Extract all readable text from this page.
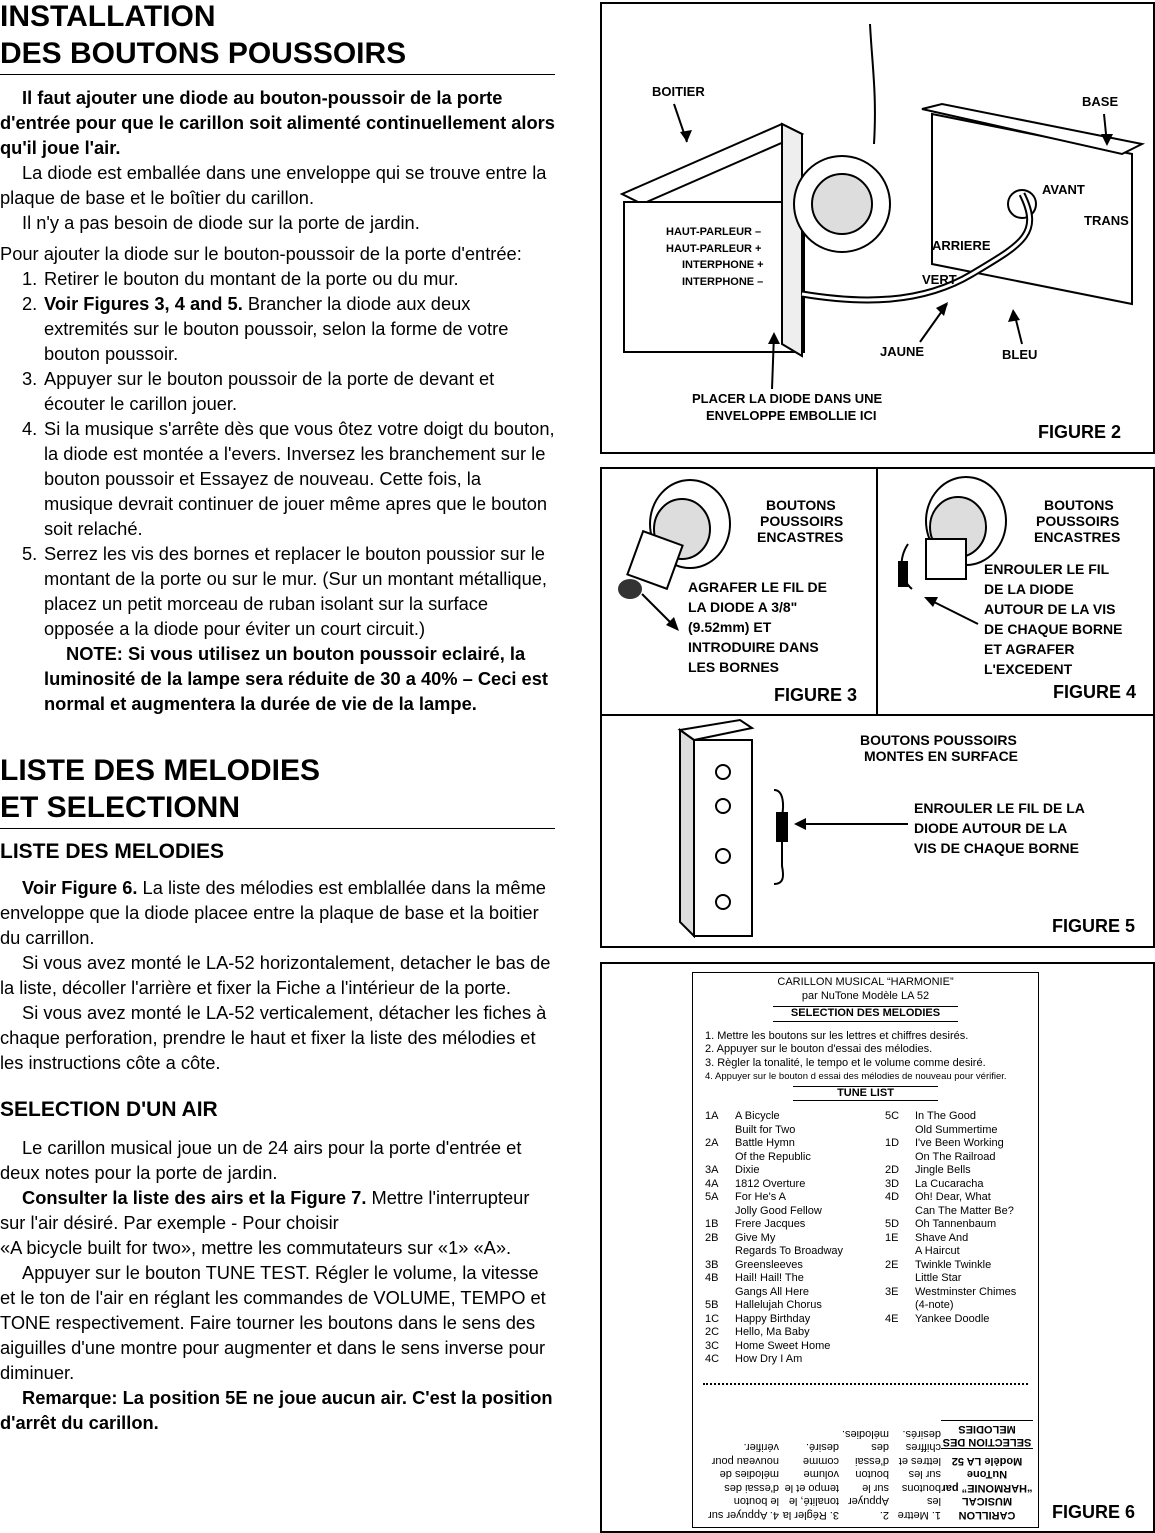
INSTALLATION
DES BOUTONS POUSSOIRS

Il faut ajouter une diode au bouton-poussoir de la porte d'entrée pour que le carillon soit alimenté continuellement alors qu'il joue l'air.

La diode est emballée dans une enveloppe qui se trouve entre la plaque de base et le boîtier du carillon.

Il n'y a pas besoin de diode sur la porte de jardin.

Pour ajouter la diode sur le bouton-poussoir de la porte d'entrée:

1. Retirer le bouton du montant de la porte ou du mur.
2. Voir Figures 3, 4 and 5. Brancher la diode aux deux extremités sur le bouton poussoir, selon la forme de votre bouton poussoir.
3. Appuyer sur le bouton poussoir de la porte de devant et écouter le carillon jouer.
4. Si la musique s'arrête dès que vous ôtez votre doigt du bouton, la diode est montée a l'evers. Inversez les branchement sur le bouton poussoir et Essayez de nouveau. Cette fois, la musique devrait continuer de jouer même apres que le bouton soit relaché.
5. Serrez les vis des bornes et replacer le bouton poussior sur le montant de la porte ou sur le mur. (Sur un montant métallique, placez un petit morceau de ruban isolant sur la surface opposée a la diode pour éviter un court circuit.)

NOTE: Si vous utilisez un bouton poussoir eclairé, la luminosité de la lampe sera réduite de 30 a 40% – Ceci est normal et augmentera la durée de vie de la lampe.

LISTE DES MELODIES
ET SELECTIONN
LISTE DES MELODIES

Voir Figure 6. La liste des mélodies est emblallée dans la même enveloppe que la diode placee entre la plaque de base et la boitier du carrillon.

Si vous avez monté le LA-52 horizontalement, detacher le bas de la liste, décoller l'arrière et fixer la Fiche a l'intérieur de la porte.

Si vous avez monté le LA-52 verticalement, détacher les fiches à chaque perforation, prendre le haut et fixer la liste des mélodies et les instructions côte a côte.

SELECTION D'UN AIR

Le carillon musical joue un de 24 airs pour la porte d'entrée et deux notes pour la porte de jardin.

Consulter la liste des airs et la Figure 7. Mettre l'interrupteur sur l'air désiré. Par exemple - Pour choisir

«A bicycle built for two», mettre les commutateurs sur «1» «A».

Appuyer sur le bouton TUNE TEST. Régler le volume, la vitesse et le ton de l'air en réglant les commandes de VOLUME, TEMPO et TONE respectivement. Faire tourner les boutons dans le sens des aiguilles d'une montre pour augmenter et dans le sens inverse pour diminuer.

Remarque: La position 5E ne joue aucun air. C'est la position d'arrêt du carillon.

BOITIER
BASE
AVANT
TRANS
ARRIERE
VERT
JAUNE	BLEU
HAUT-PARLEUR –
HAUT-PARLEUR +
INTERPHONE +
INTERPHONE –
PLACER LA DIODE DANS UNE
ENVELOPPE EMBOLLIE ICI
FIGURE 2
BOUTONS
POUSSOIRS
ENCASTRES
AGRAFER LE FIL DE
LA DIODE A 3/8"
(9.52mm) ET
INTRODUIRE DANS
LES BORNES
FIGURE 3
BOUTONS
POUSSOIRS
ENCASTRES
ENROULER LE FIL
DE LA DIODE
AUTOUR DE LA VIS
DE CHAQUE BORNE
ET AGRAFER
L'EXCEDENT
FIGURE 4
BOUTONS POUSSOIRS
MONTES EN SURFACE
ENROULER LE FIL DE LA
DIODE AUTOUR DE LA
VIS DE CHAQUE BORNE
FIGURE 5
CARILLON MUSICAL “HARMONIE”
par NuTone Modèle LA 52
SELECTION DES MELODIES
1. Mettre les boutons sur les lettres et chiffres desirés.
2. Appuyer sur le bouton d'essai des mélodies.
3. Règler la tonalité, le tempo et le volume comme desiré.
4. Appuyer sur le bouton d essai des mélodies de nouveau pour vérifier.
TUNE LIST
1A A Bicycle
Built for Two
2A Battle Hymn
Of the Republic
3A Dixie
4A 1812 Overture
5A For He's A
Jolly Good Fellow
1B Frere Jacques
2B Give My
Regards To Broadway
3B Greensleeves
4B Hail! Hail! The
Gangs All Here
5B Hallelujah Chorus
1C Happy Birthday
2C Hello, Ma Baby
3C Home Sweet Home
4C How Dry I Am
5C In The Good
Old Summertime
1D I've Been Working
On The Railroad
2D Jingle Bells
3D La Cucaracha
4D Oh! Dear, What
Can The Matter Be?
5D Oh Tannenbaum
1E Shave And
A Haircut
2E Twinkle Twinkle
Little Star
3E Westminster Chimes
(4-note)
4E Yankee Doodle
CARILLON MUSICAL
“HARMONIE” par
NuTone
Modèle LA 52
SELECTION DES
MELODIES
1. Mettre les boutons sur les lettres et chiffres desirés.
2. Appuyer sur le bouton d'essai des mélodies.
3. Régler la tonalité, le tempo et le volume comme desiré.
4. Appuyer sur le bouton d'essai des mélodies de nouveau pour vérifier.
FIGURE 6
